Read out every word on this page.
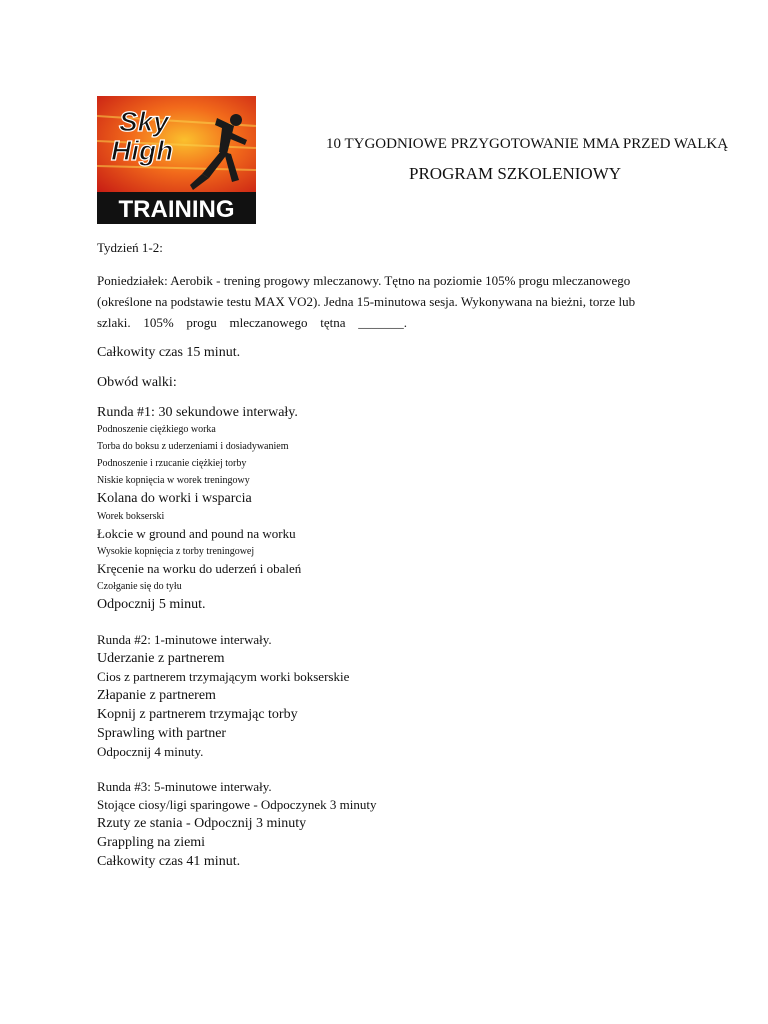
Sky
High
TRAINING
10 TYGODNIOWE PRZYGOTOWANIE MMA PRZED WALKĄ
PROGRAM SZKOLENIOWY
Tydzień 1-2:
Poniedziałek: Aerobik - trening progowy mleczanowy. Tętno na poziomie 105% progu mleczanowego
(określone na podstawie testu MAX VO2). Jedna 15-minutowa sesja. Wykonywana na bieżni, torze lub
szlaki. 105% progu mleczanowego tętna _______.
Całkowity czas 15 minut.
Obwód walki:
Runda #1: 30 sekundowe interwały.
Podnoszenie ciężkiego worka
Torba do boksu z uderzeniami i dosiadywaniem
Podnoszenie i rzucanie ciężkiej torby
Niskie kopnięcia w worek treningowy
Kolana do worki i wsparcia
Worek bokserski
Łokcie w ground and pound na worku
Wysokie kopnięcia z torby treningowej
Kręcenie na worku do uderzeń i obaleń
Czołganie się do tyłu
Odpocznij 5 minut.
Runda #2: 1-minutowe interwały.
Uderzanie z partnerem
Cios z partnerem trzymającym worki bokserskie
Złapanie z partnerem
Kopnij z partnerem trzymając torby
Sprawling with partner
Odpocznij 4 minuty.
Runda #3: 5-minutowe interwały.
Stojące ciosy/ligi sparingowe - Odpoczynek 3 minuty
Rzuty ze stania - Odpocznij 3 minuty
Grappling na ziemi
Całkowity czas 41 minut.
